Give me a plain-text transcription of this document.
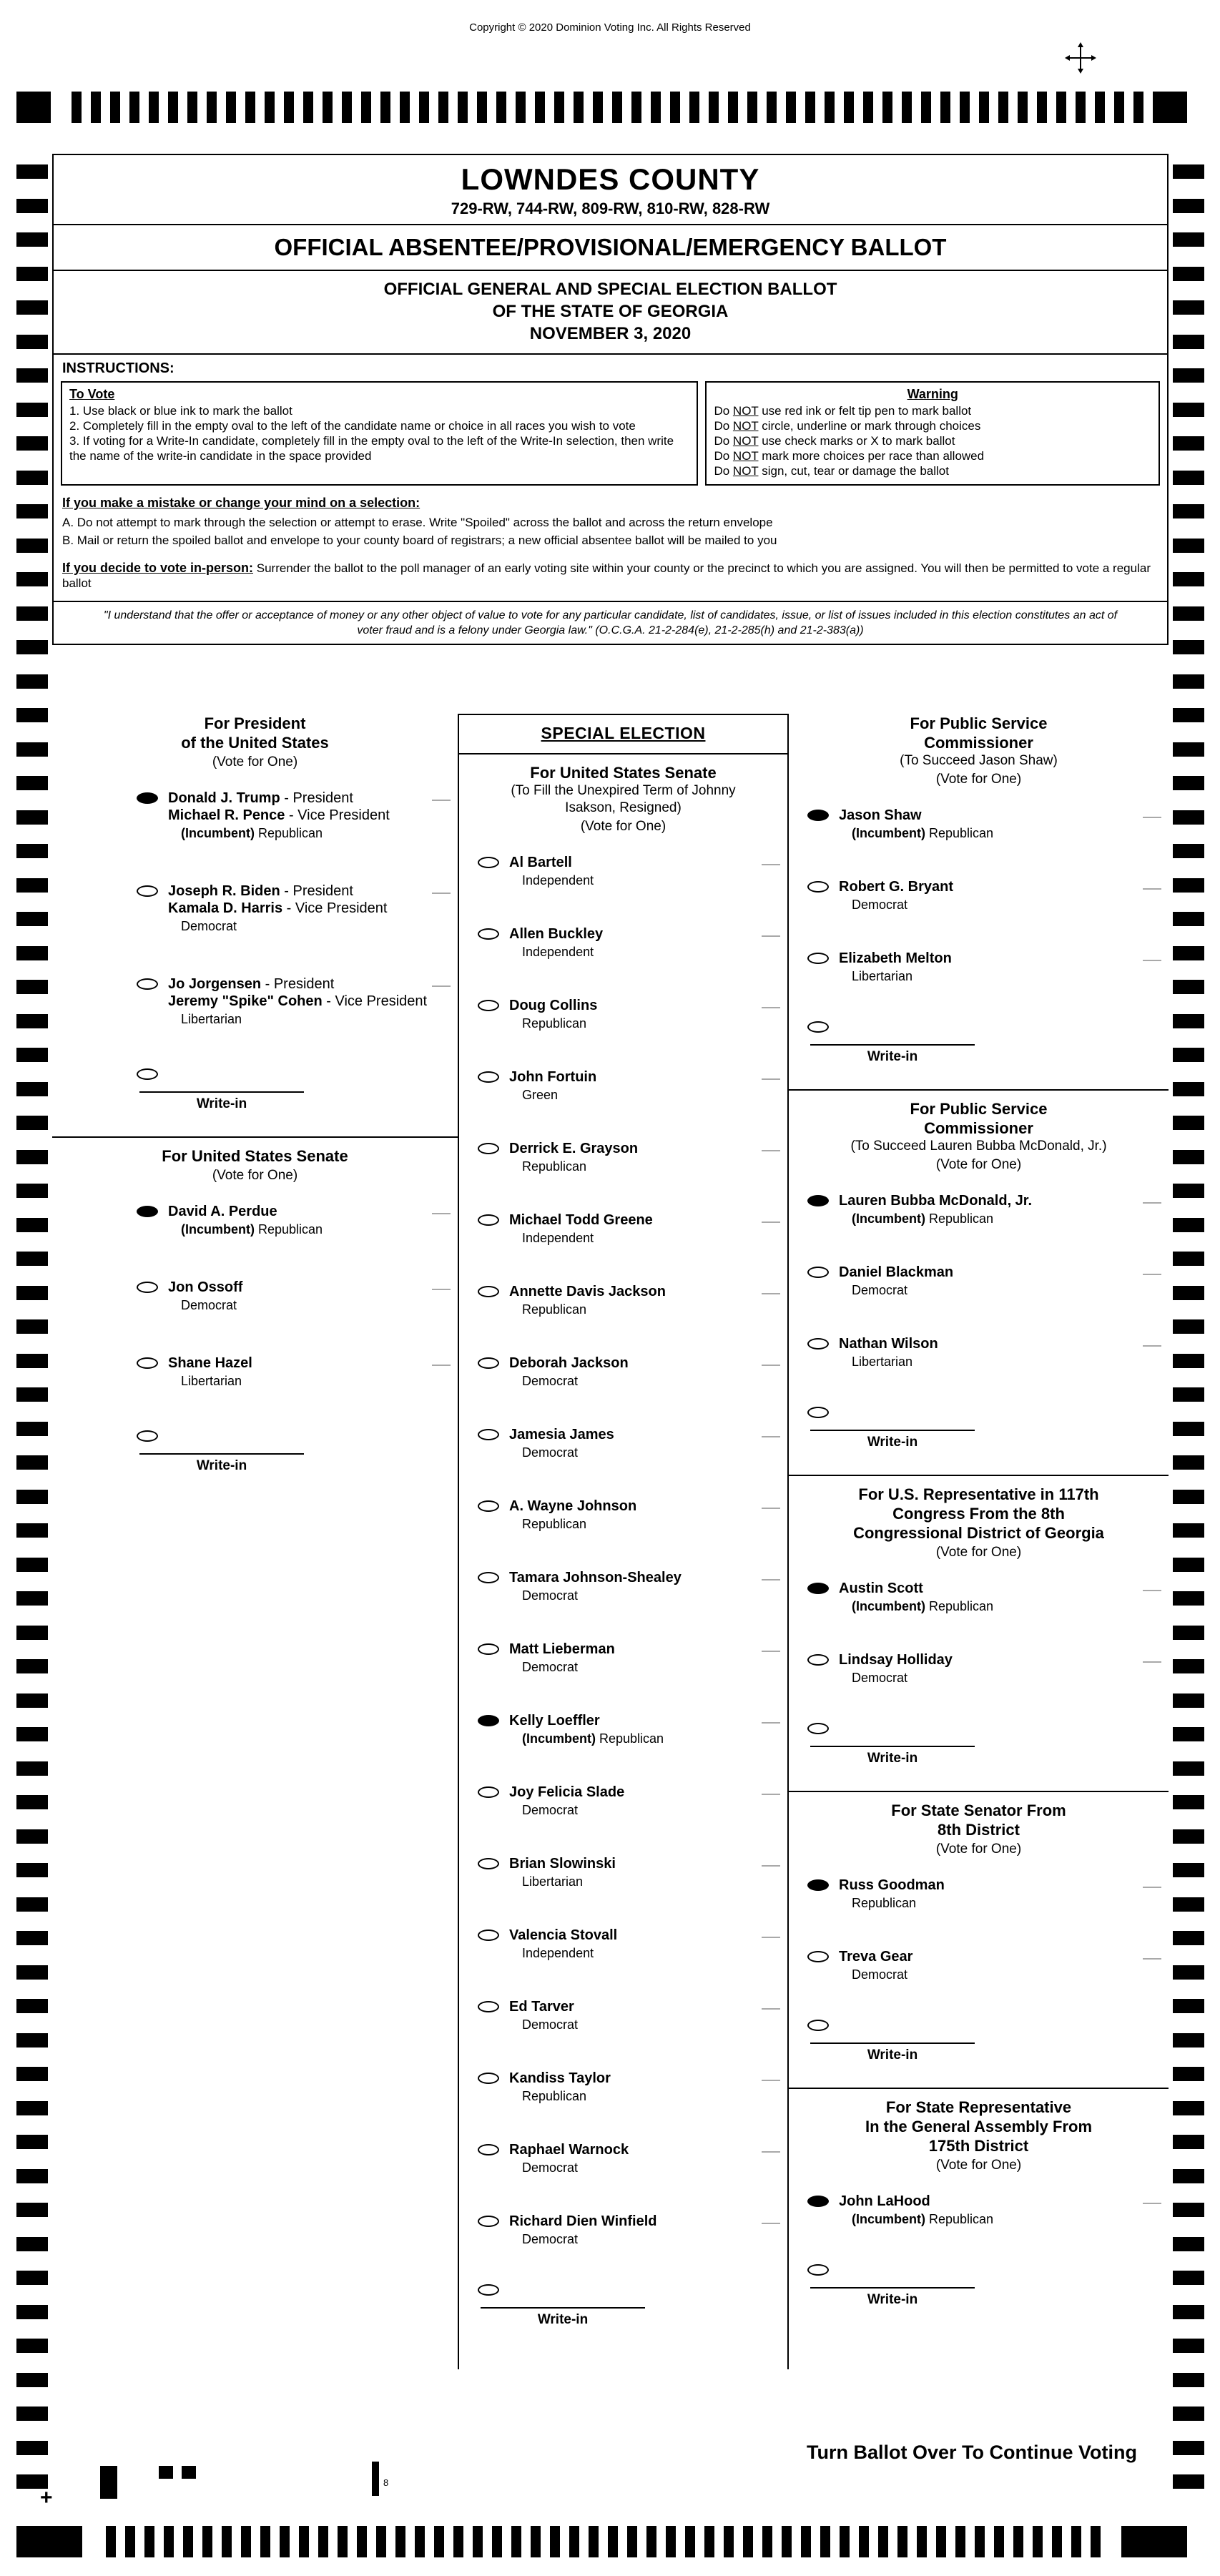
Copyright © 2020 Dominion Voting Inc. All Rights Reserved
LOWNDES COUNTY
729-RW, 744-RW, 809-RW, 810-RW, 828-RW
OFFICIAL ABSENTEE/PROVISIONAL/EMERGENCY BALLOT
OFFICIAL GENERAL AND SPECIAL ELECTION BALLOT
OF THE STATE OF GEORGIA
NOVEMBER 3, 2020
INSTRUCTIONS:
To Vote
1. Use black or blue ink to mark the ballot
2. Completely fill in the empty oval to the left of the candidate name or choice in all races you wish to vote
3. If voting for a Write-In candidate, completely fill in the empty oval to the left of the Write-In selection, then write the name of the write-in candidate in the space provided
Warning
Do NOT use red ink or felt tip pen to mark ballot
Do NOT circle, underline or mark through choices
Do NOT use check marks or X to mark ballot
Do NOT mark more choices per race than allowed
Do NOT sign, cut, tear or damage the ballot
If you make a mistake or change your mind on a selection:
A. Do not attempt to mark through the selection or attempt to erase. Write "Spoiled" across the ballot and across the return envelope
B. Mail or return the spoiled ballot and envelope to your county board of registrars; a new official absentee ballot will be mailed to you
If you decide to vote in-person: Surrender the ballot to the poll manager of an early voting site within your county or the precinct to which you are assigned. You will then be permitted to vote a regular ballot
"I understand that the offer or acceptance of money or any other object of value to vote for any particular candidate, list of candidates, issue, or list of issues included in this election constitutes an act of voter fraud and is a felony under Georgia law." (O.C.G.A. 21-2-284(e), 21-2-285(h) and 21-2-383(a))
For President
of the United States
(Vote for One)
Donald J. Trump - President
Michael R. Pence - Vice President
(Incumbent) Republican
Joseph R. Biden - President
Kamala D. Harris - Vice President
Democrat
Jo Jorgensen - President
Jeremy "Spike" Cohen - Vice President
Libertarian
Write-in
For United States Senate
(Vote for One)
David A. Perdue
(Incumbent) Republican
Jon Ossoff
Democrat
Shane Hazel
Libertarian
Write-in
SPECIAL ELECTION
For United States Senate
(To Fill the Unexpired Term of Johnny
Isakson, Resigned)
(Vote for One)
Al Bartell
Independent
Allen Buckley
Independent
Doug Collins
Republican
John Fortuin
Green
Derrick E. Grayson
Republican
Michael Todd Greene
Independent
Annette Davis Jackson
Republican
Deborah Jackson
Democrat
Jamesia James
Democrat
A. Wayne Johnson
Republican
Tamara Johnson-Shealey
Democrat
Matt Lieberman
Democrat
Kelly Loeffler
(Incumbent) Republican
Joy Felicia Slade
Democrat
Brian Slowinski
Libertarian
Valencia Stovall
Independent
Ed Tarver
Democrat
Kandiss Taylor
Republican
Raphael Warnock
Democrat
Richard Dien Winfield
Democrat
Write-in
For Public Service
Commissioner
(To Succeed Jason Shaw)
(Vote for One)
Jason Shaw
(Incumbent) Republican
Robert G. Bryant
Democrat
Elizabeth Melton
Libertarian
Write-in
For Public Service
Commissioner
(To Succeed Lauren Bubba McDonald, Jr.)
(Vote for One)
Lauren Bubba McDonald, Jr.
(Incumbent) Republican
Daniel Blackman
Democrat
Nathan Wilson
Libertarian
Write-in
For U.S. Representative in 117th
Congress From the 8th
Congressional District of Georgia
(Vote for One)
Austin Scott
(Incumbent) Republican
Lindsay Holliday
Democrat
Write-in
For State Senator From
8th District
(Vote for One)
Russ Goodman
Republican
Treva Gear
Democrat
Write-in
For State Representative
In the General Assembly From
175th District
(Vote for One)
John LaHood
(Incumbent) Republican
Write-in
Turn Ballot Over To Continue Voting
+
8
